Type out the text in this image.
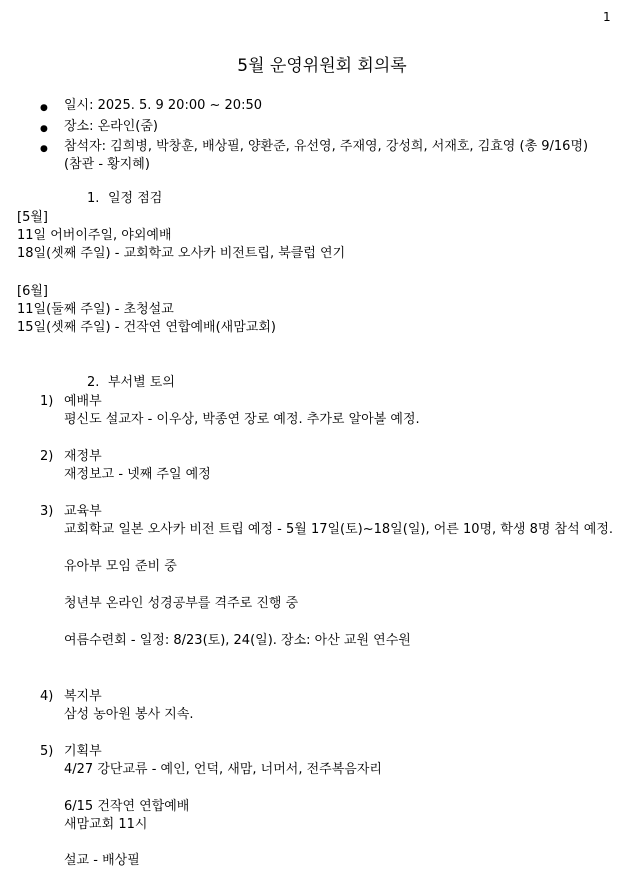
1
5월 운영위원회 회의록
● 일시: 2025. 5. 9 20:00 ~ 20:50
● 장소: 온라인(줌)
● 참석자: 김희병, 박창훈, 배상필, 양환준, 유선영, 주재영, 강성희, 서재호, 김효영 (총 9/16명)
(참관 - 황지혜)
1. 일정 점검
[5월]
11일 어버이주일, 야외예배
18일(셋째 주일) - 교회학교 오사카 비전트립, 북클럽 연기
[6월]
11일(둘째 주일) - 초청설교
15일(셋째 주일) - 건작연 연합예배(새맘교회)
2. 부서별 토의
1) 예배부
평신도 설교자 - 이우상, 박종연 장로 예정. 추가로 알아볼 예정.
2) 재정부
재정보고 - 넷째 주일 예정
3) 교육부
교회학교 일본 오사카 비전 트립 예정 - 5월 17일(토)~18일(일), 어른 10명, 학생 8명 참석 예정.
유아부 모임 준비 중
청년부 온라인 성경공부를 격주로 진행 중
여름수련회 - 일정: 8/23(토), 24(일). 장소: 아산 교원 연수원
4) 복지부
삼성 농아원 봉사 지속.
5) 기획부
4/27 강단교류 - 예인, 언덕, 새맘, 너머서, 전주복음자리
6/15 건작연 연합예배
새맘교회 11시
설교 - 배상필
